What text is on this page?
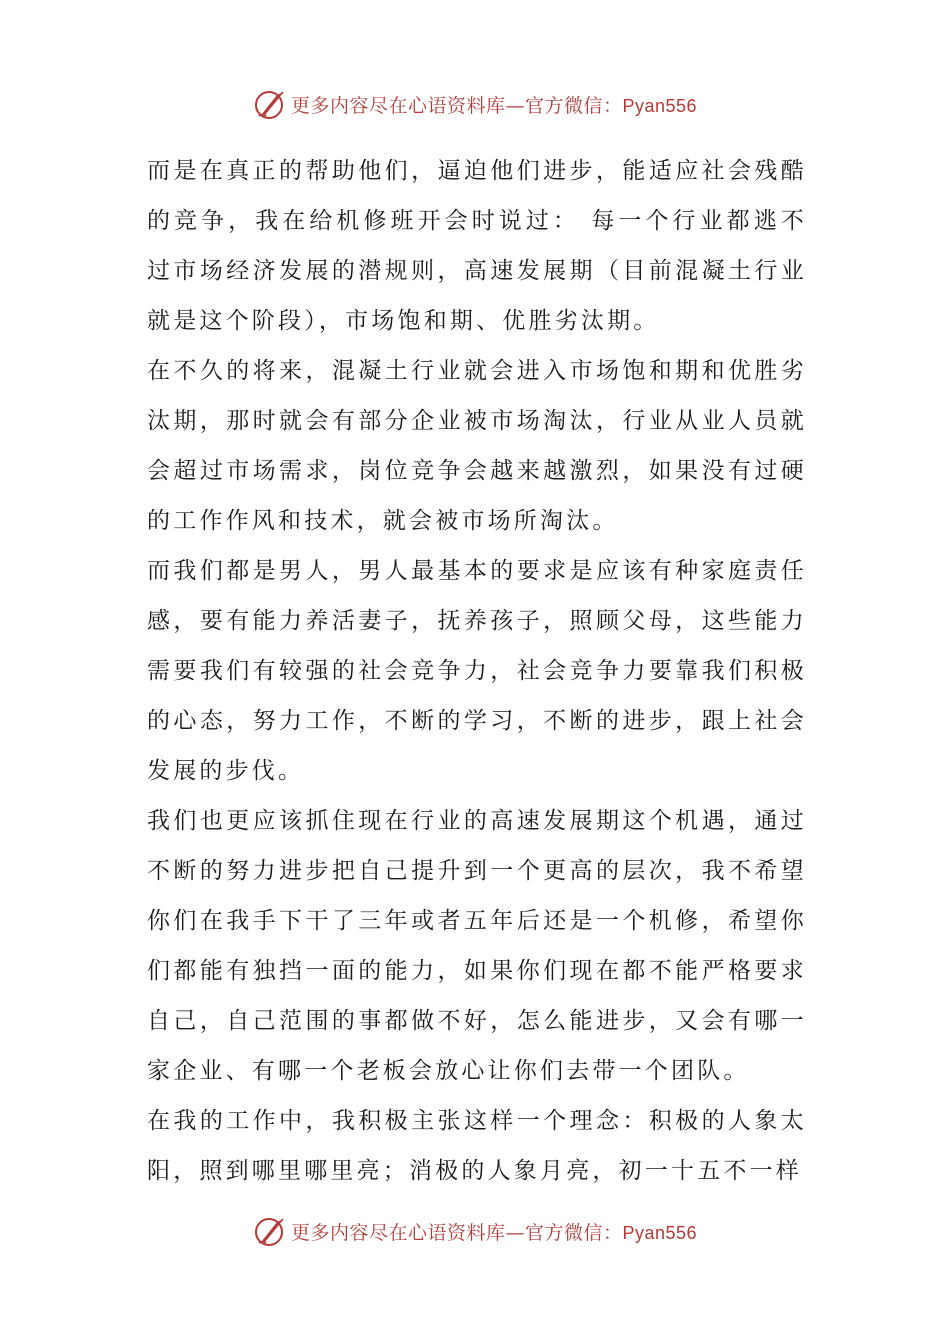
更多内容尽在心语资料库—官方微信：Pyan556

而是在真正的帮助他们，逼迫他们进步，能适应社会残酷的竞争，我在给机修班开会时说过： 每一个行业都逃不过市场经济发展的潜规则，高速发展期（目前混凝土行业就是这个阶段），市场饱和期、优胜劣汰期。

在不久的将来，混凝土行业就会进入市场饱和期和优胜劣汰期，那时就会有部分企业被市场淘汰，行业从业人员就会超过市场需求，岗位竞争会越来越激烈，如果没有过硬的工作作风和技术，就会被市场所淘汰。

而我们都是男人，男人最基本的要求是应该有种家庭责任感，要有能力养活妻子，抚养孩子，照顾父母，这些能力需要我们有较强的社会竞争力，社会竞争力要靠我们积极的心态，努力工作，不断的学习，不断的进步，跟上社会发展的步伐。

我们也更应该抓住现在行业的高速发展期这个机遇，通过不断的努力进步把自己提升到一个更高的层次，我不希望你们在我手下干了三年或者五年后还是一个机修，希望你们都能有独挡一面的能力，如果你们现在都不能严格要求自己，自己范围的事都做不好，怎么能进步，又会有哪一家企业、有哪一个老板会放心让你们去带一个团队。

在我的工作中，我积极主张这样一个理念：积极的人象太阳，照到哪里哪里亮；消极的人象月亮，初一十五不一样

更多内容尽在心语资料库—官方微信：Pyan556
